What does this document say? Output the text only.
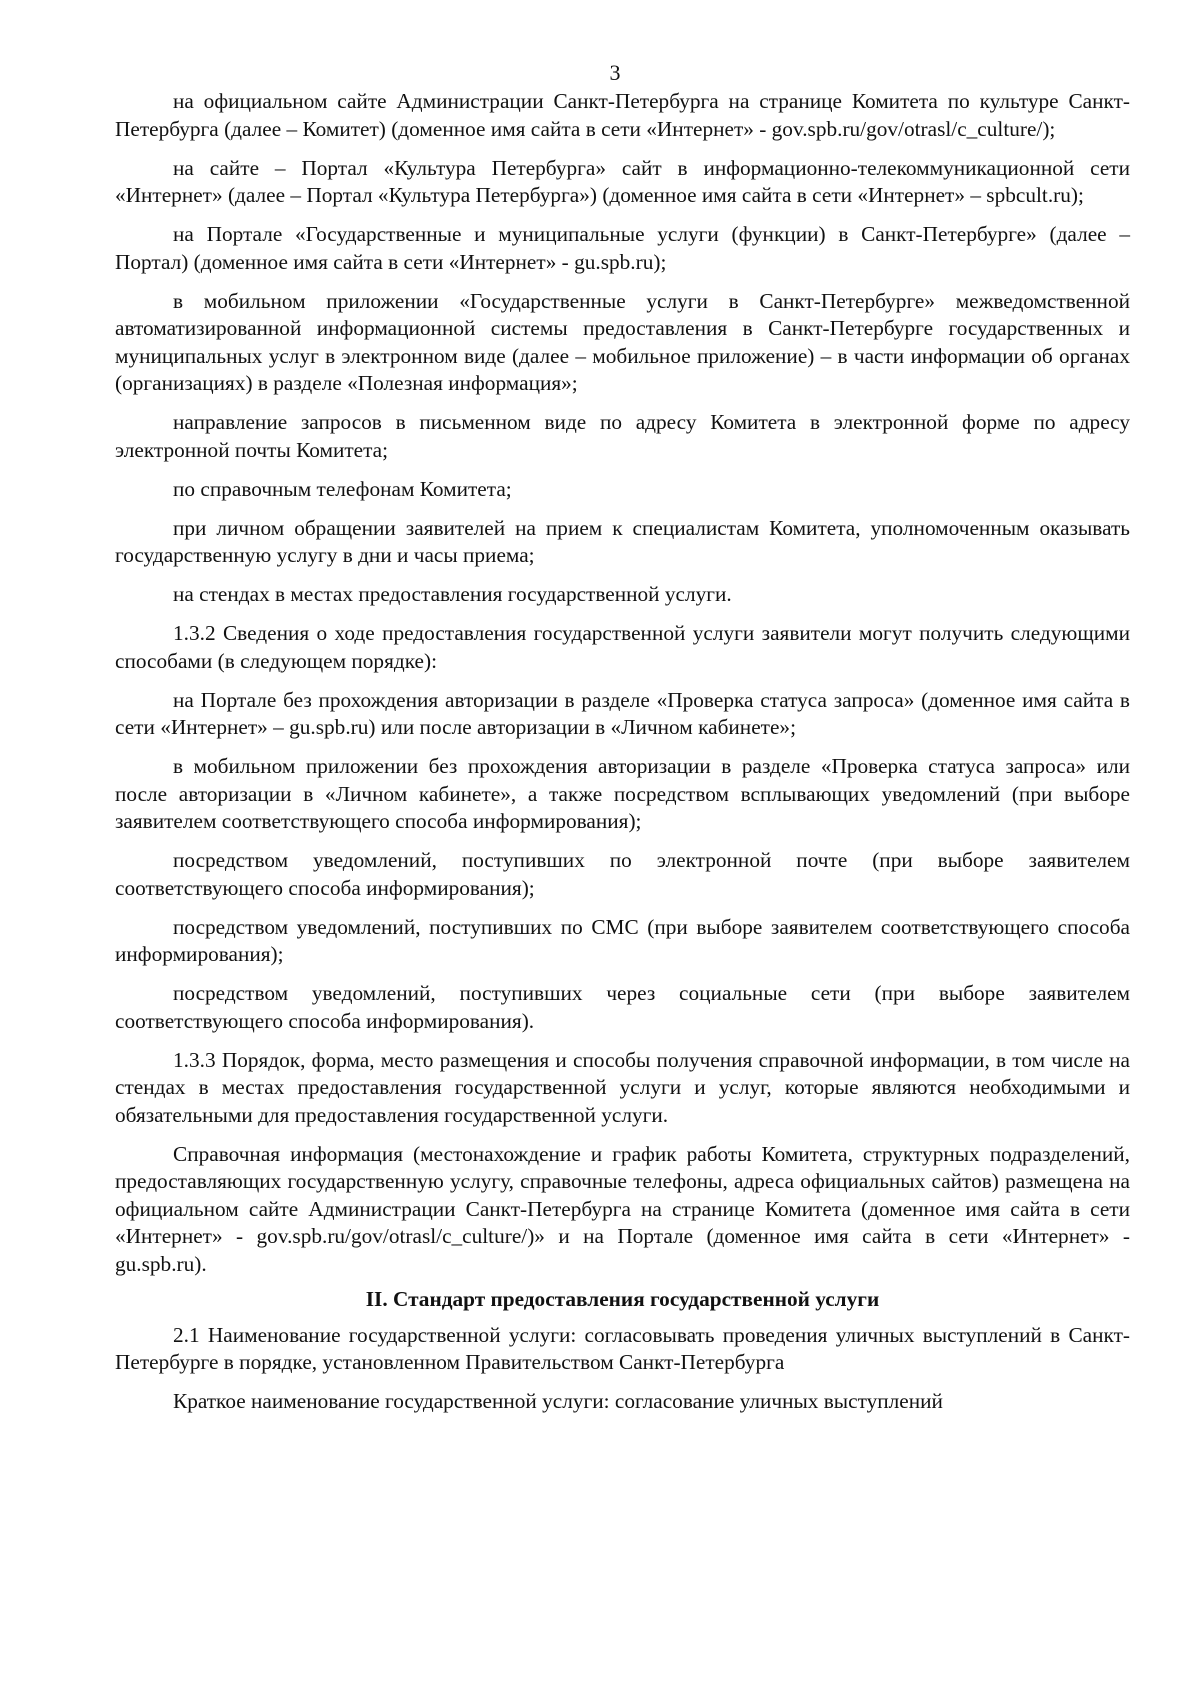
3

на официальном сайте Администрации Санкт-Петербурга на странице Комитета по культуре Санкт-Петербурга (далее – Комитет) (доменное имя сайта в сети «Интернет» - gov.spb.ru/gov/otrasl/c_culture/);

на сайте – Портал «Культура Петербурга» сайт в информационно-телекоммуникационной сети «Интернет» (далее – Портал «Культура Петербурга») (доменное имя сайта в сети «Интернет» – spbcult.ru);

на Портале «Государственные и муниципальные услуги (функции) в Санкт-Петербурге» (далее – Портал) (доменное имя сайта в сети «Интернет» - gu.spb.ru);

в мобильном приложении «Государственные услуги в Санкт-Петербурге» межведомственной автоматизированной информационной системы предоставления в Санкт-Петербурге государственных и муниципальных услуг в электронном виде (далее – мобильное приложение) – в части информации об органах (организациях) в разделе «Полезная информация»;

направление запросов в письменном виде по адресу Комитета в электронной форме по адресу электронной почты Комитета;

по справочным телефонам Комитета;

при личном обращении заявителей на прием к специалистам Комитета, уполномоченным оказывать государственную услугу в дни и часы приема;

на стендах в местах предоставления государственной услуги.

1.3.2 Сведения о ходе предоставления государственной услуги заявители могут получить следующими способами (в следующем порядке):

на Портале без прохождения авторизации в разделе «Проверка статуса запроса» (доменное имя сайта в сети «Интернет» – gu.spb.ru) или после авторизации в «Личном кабинете»;

в мобильном приложении без прохождения авторизации в разделе «Проверка статуса запроса» или после авторизации в «Личном кабинете», а также посредством всплывающих уведомлений (при выборе заявителем соответствующего способа информирования);

посредством уведомлений, поступивших по электронной почте (при выборе заявителем соответствующего способа информирования);

посредством уведомлений, поступивших по СМС (при выборе заявителем соответствующего способа информирования);

посредством уведомлений, поступивших через социальные сети (при выборе заявителем соответствующего способа информирования).

1.3.3 Порядок, форма, место размещения и способы получения справочной информации, в том числе на стендах в местах предоставления государственной услуги и услуг, которые являются необходимыми и обязательными для предоставления государственной услуги.

Справочная информация (местонахождение и график работы Комитета, структурных подразделений, предоставляющих государственную услугу, справочные телефоны, адреса официальных сайтов) размещена на официальном сайте Администрации Санкт-Петербурга на странице Комитета (доменное имя сайта в сети «Интернет» - gov.spb.ru/gov/otrasl/c_culture/)» и на Портале (доменное имя сайта в сети «Интернет» - gu.spb.ru).

II. Стандарт предоставления государственной услуги

2.1 Наименование государственной услуги: согласовывать проведения уличных выступлений в Санкт-Петербурге в порядке, установленном Правительством Санкт-Петербурга

Краткое наименование государственной услуги: согласование уличных выступлений
